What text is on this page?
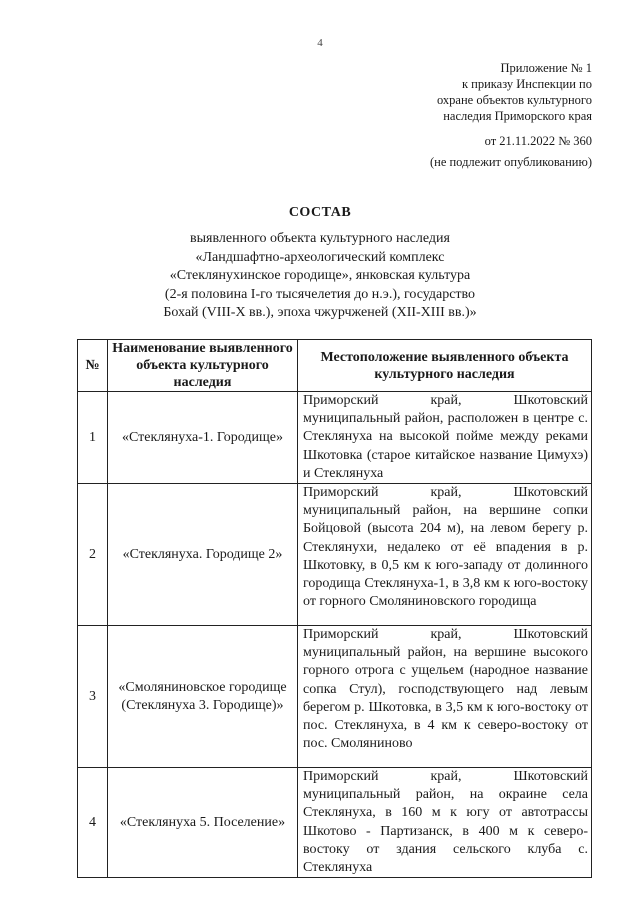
4
Приложение № 1
к приказу Инспекции по
охране объектов культурного
наследия Приморского края
от 21.11.2022 № 360
(не подлежит опубликованию)
СОСТАВ
выявленного объекта культурного наследия
«Ландшафтно-археологический комплекс
«Стеклянухинское городище», янковская культура
(2-я половина I-го тысячелетия до н.э.), государство
Бохай (VIII-X вв.), эпоха чжурчженей (XII-XIII вв.)»
№	Наименование выявленного объекта культурного наследия	Местоположение выявленного объекта культурного наследия
1	«Стеклянуха-1. Городище»	Приморский край, Шкотовский муниципальный район, расположен в центре с. Стеклянуха на высокой пойме между реками Шкотовка (старое китайское название Цимухэ) и Стеклянуха
2	«Стеклянуха. Городище 2»	Приморский край, Шкотовский муниципальный район, на вершине сопки Бойцовой (высота 204 м), на левом берегу р. Стеклянухи, недалеко от её впадения в р. Шкотовку, в 0,5 км к юго-западу от долинного городища Стеклянуха-1, в 3,8 км к юго-востоку от горного Смоляниновского городища
3	«Смоляниновское городище (Стеклянуха 3. Городище)»	Приморский край, Шкотовский муниципальный район, на вершине высокого горного отрога с ущельем (народное название сопка Стул), господствующего над левым берегом р. Шкотовка, в 3,5 км к юго-востоку от пос. Стеклянуха, в 4 км к северо-востоку от пос. Смоляниново
4	«Стеклянуха 5. Поселение»	Приморский край, Шкотовский муниципальный район, на окраине села Стеклянуха, в 160 м к югу от автотрассы Шкотово - Партизанск, в 400 м к северо-востоку от здания сельского клуба с. Стеклянуха
